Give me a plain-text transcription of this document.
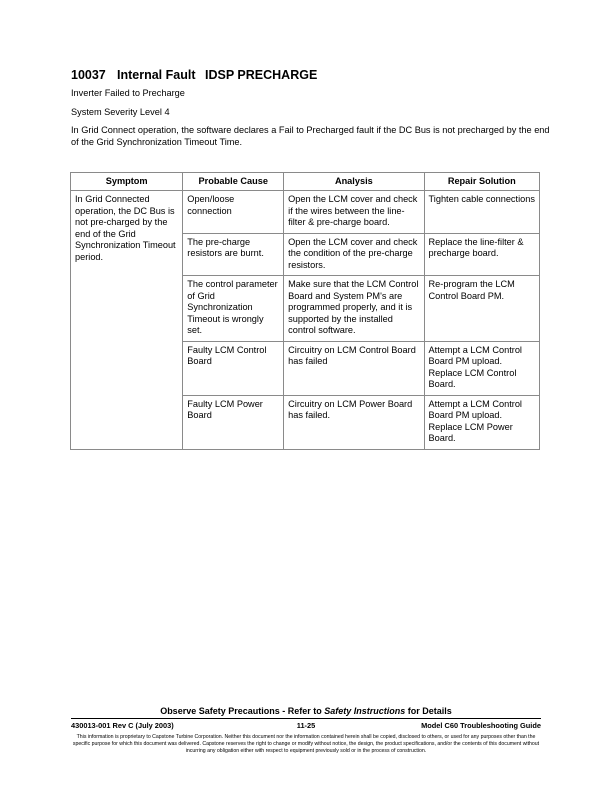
10037 Internal Fault IDSP PRECHARGE

Inverter Failed to Precharge

System Severity Level 4

In Grid Connect operation, the software declares a Fail to Precharged fault if the DC Bus is not precharged by the end of the Grid Synchronization Timeout Time.

Symptom	Probable Cause	Analysis	Repair Solution
In Grid Connected operation, the DC Bus is not pre-charged by the end of the Grid Synchronization Timeout period.	Open/loose connection	Open the LCM cover and check if the wires between the line-filter & pre-charge board.	Tighten cable connections
	The pre-charge resistors are burnt.	Open the LCM cover and check the condition of the pre-charge resistors.	Replace the line-filter & precharge board.
	The control parameter of Grid Synchronization Timeout is wrongly set.	Make sure that the LCM Control Board and System PM's are programmed properly, and it is supported by the installed control software.	Re-program the LCM Control Board PM.
	Faulty LCM Control Board	Circuitry on LCM Control Board has failed	Attempt a LCM Control Board PM upload. Replace LCM Control Board.
	Faulty LCM Power Board	Circuitry on LCM Power Board has failed.	Attempt a LCM Control Board PM upload. Replace LCM Power Board.

Observe Safety Precautions - Refer to Safety Instructions for Details

430013-001 Rev C (July 2003)	11-25	Model C60 Troubleshooting Guide

This information is proprietary to Capstone Turbine Corporation. Neither this document nor the information contained herein shall be copied, disclosed to others, or used for any purposes other than the specific purpose for which this document was delivered. Capstone reserves the right to change or modify without notice, the design, the product specifications, and/or the contents of this document without incurring any obligation either with respect to equipment previously sold or in the process of construction.
